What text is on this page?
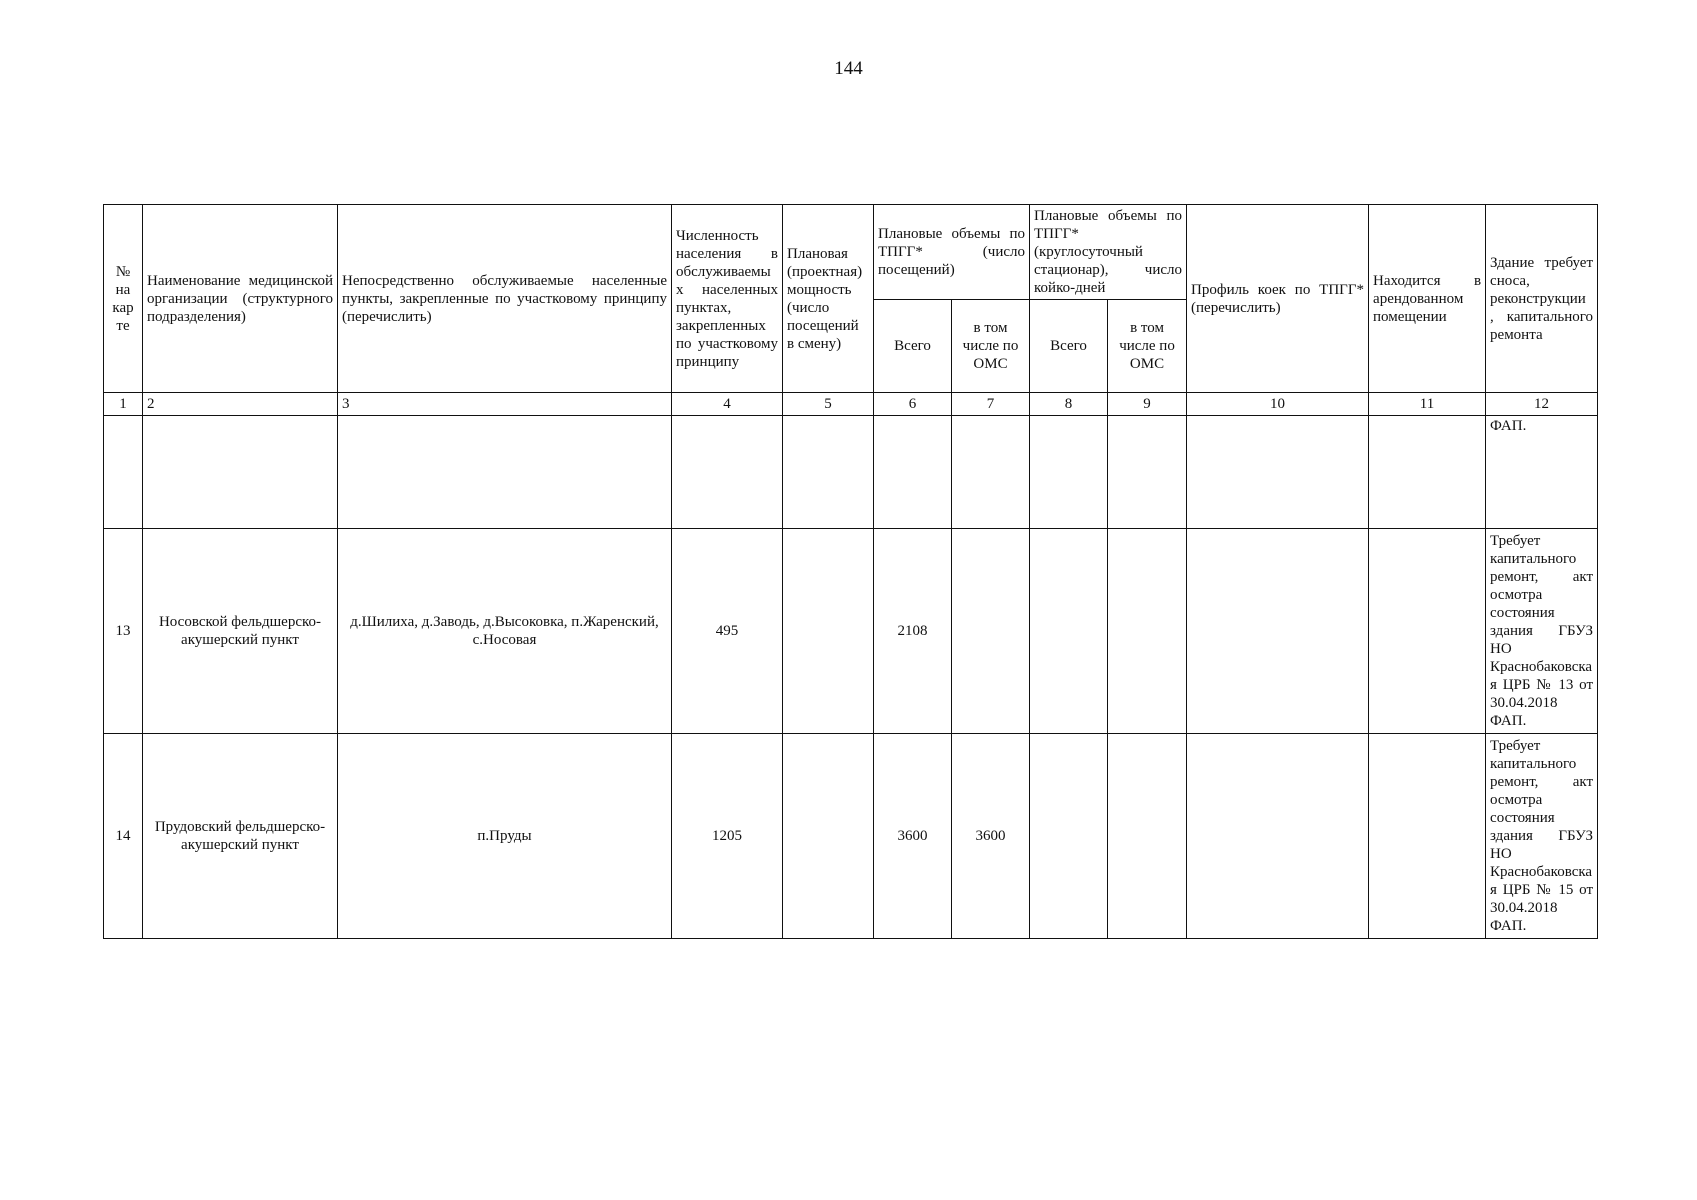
144
№ на кар те	Наименование медицинской организации (структурного подразделения)	Непосредственно обслуживаемые населенные пункты, закрепленные по участковому принципу (перечислить)	Численность населения в обслуживаемых населенных пунктах, закрепленных по участковому принципу	Плановая (проектная) мощность (число посещений в смену)	Плановые объемы по ТПГГ* (число посещений)		Плановые объемы по ТПГГ* (круглосуточный стационар), число койко-дней		Профиль коек по ТПГГ* (перечислить)	Находится в арендованном помещении	Здание требует сноса, реконструкции , капитального ремонта
					Всего	в том числе по ОМС	Всего	в том числе по ОМС			
1	2	3	4	5	6	7	8	9	10	11	12
											ФАП.
13	Носовской фельдшерско-акушерский пункт	д.Шилиха, д.Заводь, д.Высоковка, п.Жаренский, с.Носовая	495		2108						Требует капитального ремонт, акт осмотра состояния здания ГБУЗ НО Краснобаковская ЦРБ № 13 от 30.04.2018 ФАП.
14	Прудовский фельдшерско-акушерский пункт	п.Пруды	1205		3600	3600					Требует капитального ремонт, акт осмотра состояния здания ГБУЗ НО Краснобаковская ЦРБ № 15 от 30.04.2018 ФАП.
